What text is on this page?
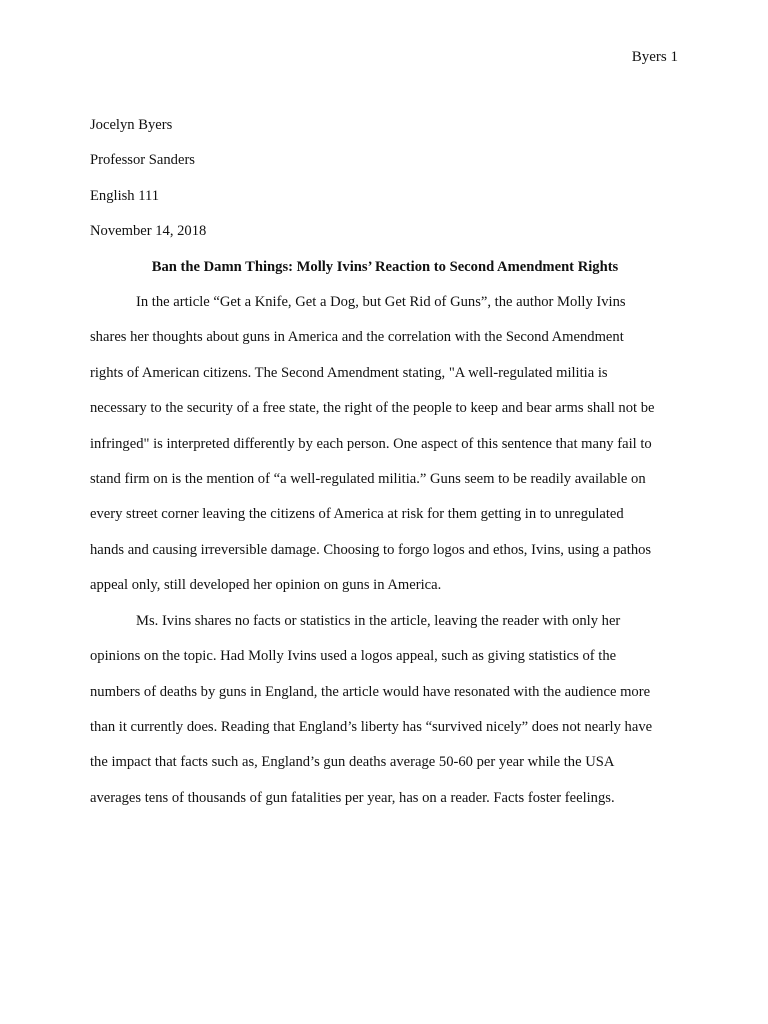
Byers 1
Jocelyn Byers
Professor Sanders
English 111
November 14, 2018
Ban the Damn Things: Molly Ivins’ Reaction to Second Amendment Rights
In the article “Get a Knife, Get a Dog, but Get Rid of Guns”, the author Molly Ivins
shares her thoughts about guns in America and the correlation with the Second Amendment
rights of American citizens. The Second Amendment stating, "A well-regulated militia is
necessary to the security of a free state, the right of the people to keep and bear arms shall not be
infringed" is interpreted differently by each person. One aspect of this sentence that many fail to
stand firm on is the mention of “a well-regulated militia.” Guns seem to be readily available on
every street corner leaving the citizens of America at risk for them getting in to unregulated
hands and causing irreversible damage. Choosing to forgo logos and ethos, Ivins, using a pathos
appeal only, still developed her opinion on guns in America.
Ms. Ivins shares no facts or statistics in the article, leaving the reader with only her
opinions on the topic. Had Molly Ivins used a logos appeal, such as giving statistics of the
numbers of deaths by guns in England, the article would have resonated with the audience more
than it currently does. Reading that England’s liberty has “survived nicely” does not nearly have
the impact that facts such as, England’s gun deaths average 50-60 per year while the USA
averages tens of thousands of gun fatalities per year, has on a reader. Facts foster feelings.
